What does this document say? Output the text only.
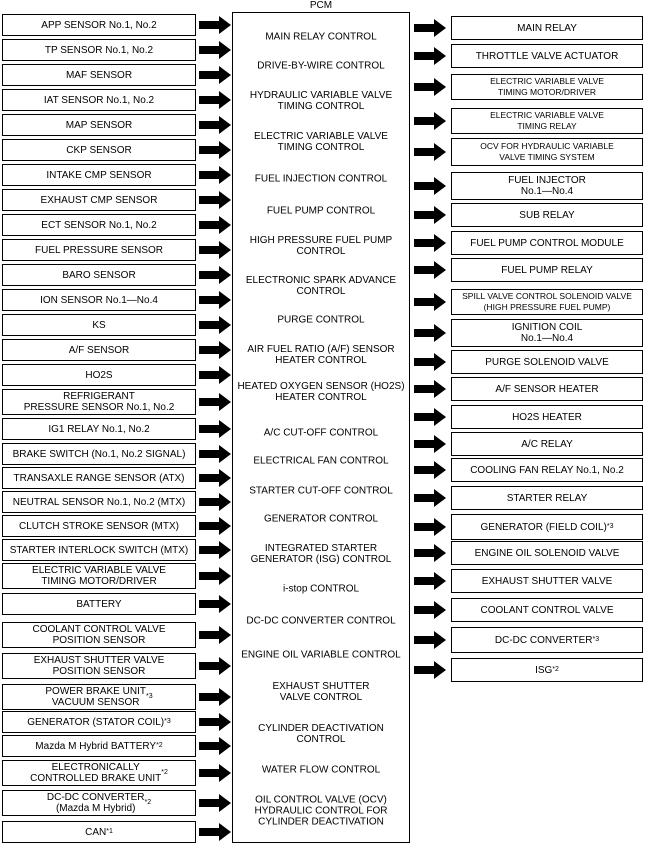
PCM
APP SENSOR No.1, No.2
TP SENSOR No.1, No.2
MAF SENSOR
IAT SENSOR No.1, No.2
MAP SENSOR
CKP SENSOR
INTAKE CMP SENSOR
EXHAUST CMP SENSOR
ECT SENSOR No.1, No.2
FUEL PRESSURE SENSOR
BARO SENSOR
ION SENSOR No.1—No.4
KS
A/F SENSOR
HO2S
REFRIGERANT
PRESSURE SENSOR No.1, No.2
IG1 RELAY No.1, No.2
BRAKE SWITCH (No.1, No.2 SIGNAL)
TRANSAXLE RANGE SENSOR (ATX)
NEUTRAL SENSOR No.1, No.2 (MTX)
CLUTCH STROKE SENSOR (MTX)
STARTER INTERLOCK SWITCH (MTX)
ELECTRIC VARIABLE VALVE
TIMING MOTOR/DRIVER
BATTERY
COOLANT CONTROL VALVE
POSITION SENSOR
EXHAUST SHUTTER VALVE
POSITION SENSOR
POWER BRAKE UNIT
VACUUM SENSOR
*3
GENERATOR (STATOR COIL) *3
Mazda M Hybrid BATTERY *2
ELECTRONICALLY
CONTROLLED BRAKE UNIT
*2
DC-DC CONVERTER
(Mazda M Hybrid)
*2
CAN *1
MAIN RELAY CONTROL
DRIVE-BY-WIRE CONTROL
HYDRAULIC VARIABLE VALVE
TIMING CONTROL
ELECTRIC VARIABLE VALVE
TIMING CONTROL
FUEL INJECTION CONTROL
FUEL PUMP CONTROL
HIGH PRESSURE FUEL PUMP
CONTROL
ELECTRONIC SPARK ADVANCE
CONTROL
PURGE CONTROL
AIR FUEL RATIO (A/F) SENSOR
HEATER CONTROL
HEATED OXYGEN SENSOR (HO2S)
HEATER CONTROL
A/C CUT-OFF CONTROL
ELECTRICAL FAN CONTROL
STARTER CUT-OFF CONTROL
GENERATOR CONTROL
INTEGRATED STARTER
GENERATOR (ISG) CONTROL
i-stop CONTROL
DC-DC CONVERTER CONTROL
ENGINE OIL VARIABLE CONTROL
EXHAUST SHUTTER
VALVE CONTROL
CYLINDER DEACTIVATION
CONTROL
WATER FLOW CONTROL
OIL CONTROL VALVE (OCV)
HYDRAULIC CONTROL FOR
CYLINDER DEACTIVATION
MAIN RELAY
THROTTLE VALVE ACTUATOR
ELECTRIC VARIABLE VALVE
TIMING MOTOR/DRIVER
ELECTRIC VARIABLE VALVE
TIMING RELAY
OCV FOR HYDRAULIC VARIABLE
VALVE TIMING SYSTEM
FUEL INJECTOR
No.1—No.4
SUB RELAY
FUEL PUMP CONTROL MODULE
FUEL PUMP RELAY
SPILL VALVE CONTROL SOLENOID VALVE
(HIGH PRESSURE FUEL PUMP)
IGNITION COIL
No.1—No.4
PURGE SOLENOID VALVE
A/F SENSOR HEATER
HO2S HEATER
A/C RELAY
COOLING FAN RELAY No.1, No.2
STARTER RELAY
GENERATOR (FIELD COIL) *3
ENGINE OIL SOLENOID VALVE
EXHAUST SHUTTER VALVE
COOLANT CONTROL VALVE
DC-DC CONVERTER *3
ISG *2
